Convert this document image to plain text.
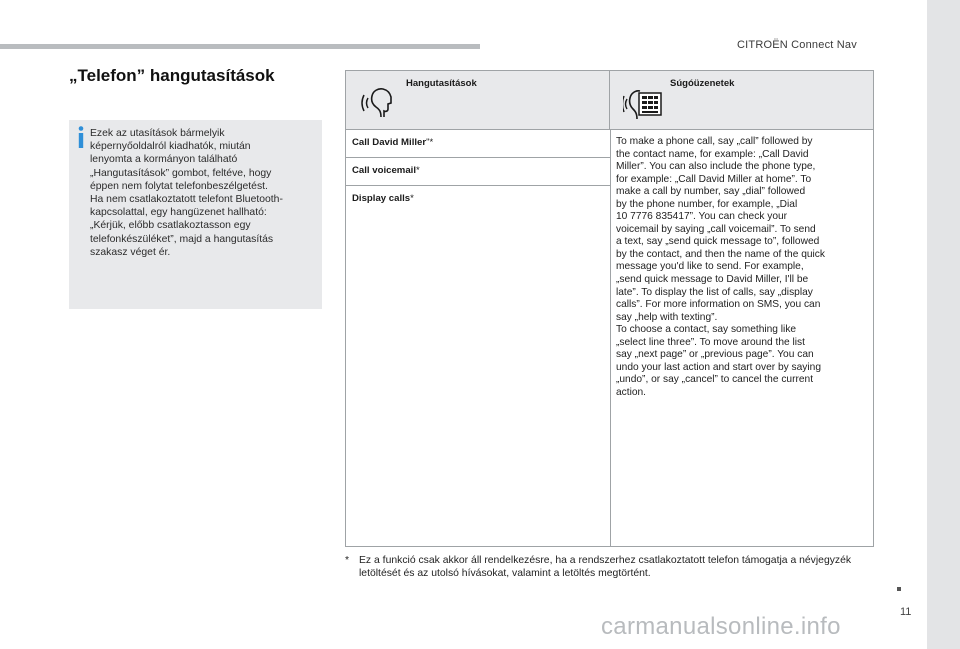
CITROËN Connect Nav
„Telefon” hangutasítások
Ezek az utasítások bármelyik
képernyőoldalról kiadhatók, miután
lenyomta a kormányon található
„Hangutasítások” gombot, feltéve, hogy
éppen nem folytat telefonbeszélgetést.
Ha nem csatlakoztatott telefont Bluetooth-
kapcsolattal, egy hangüzenet hallható:
„Kérjük, előbb csatlakoztasson egy
telefonkészüléket”, majd a hangutasítás
szakasz véget ér.
Hangutasítások	Súgóüzenetek
Call David Miller"*
Call voicemail*
Display calls*
To make a phone call, say „call” followed by
the contact name, for example: „Call David
Miller”. You can also include the phone type,
for example: „Call David Miller at home”. To
make a call by number, say „dial” followed
by the phone number, for example, „Dial
10 7776 835417”. You can check your
voicemail by saying „call voicemail”. To send
a text, say „send quick message to”, followed
by the contact, and then the name of the quick
message you'd like to send. For example,
„send quick message to David Miller, I'll be
late”. To display the list of calls, say „display
calls”. For more information on SMS, you can
say „help with texting”.
To choose a contact, say something like
„select line three”. To move around the list
say „next page” or „previous page”. You can
undo your last action and start over by saying
„undo”, or say „cancel” to cancel the current
action.
* Ez a funkció csak akkor áll rendelkezésre, ha a rendszerhez csatlakoztatott telefon támogatja a névjegyzék letöltését és az utolsó hívásokat, valamint a letöltés megtörtént.
11
carmanualsonline.info
